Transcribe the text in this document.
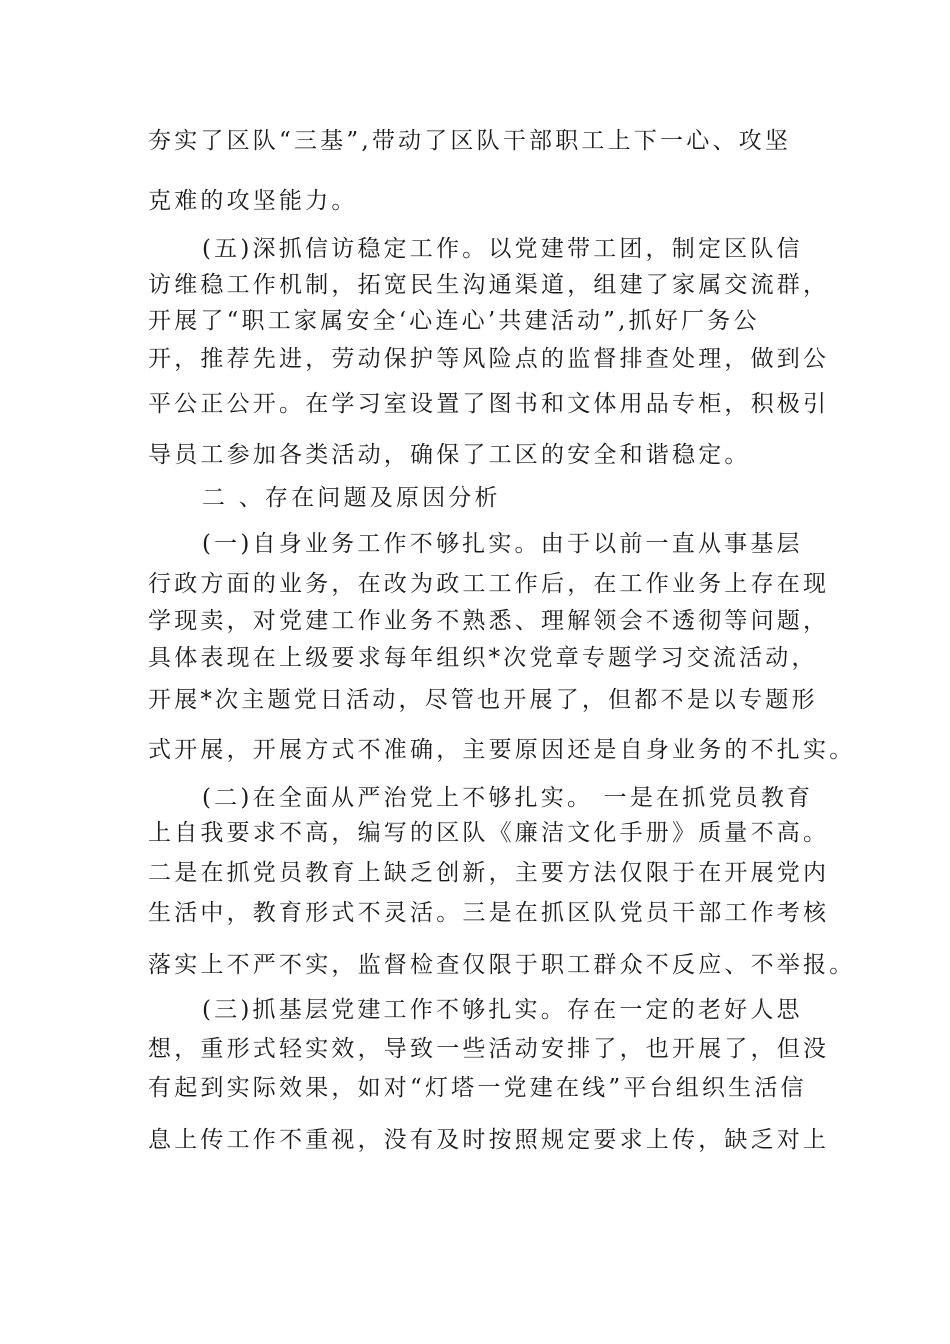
夯实了区队“三基”,带动了区队干部职工上下一心、攻坚
克难的攻坚能力。
(五)深抓信访稳定工作。以党建带工团，制定区队信
访维稳工作机制，拓宽民生沟通渠道，组建了家属交流群，
开展了“职工家属安全‘心连心’共建活动”,抓好厂务公
开，推荐先进，劳动保护等风险点的监督排查处理，做到公
平公正公开。在学习室设置了图书和文体用品专柜，积极引
导员工参加各类活动，确保了工区的安全和谐稳定。
二 、存在问题及原因分析
(一)自身业务工作不够扎实。由于以前一直从事基层
行政方面的业务，在改为政工工作后，在工作业务上存在现
学现卖，对党建工作业务不熟悉、理解领会不透彻等问题，
具体表现在上级要求每年组织*次党章专题学习交流活动，
开展*次主题党日活动，尽管也开展了，但都不是以专题形
式开展，开展方式不准确，主要原因还是自身业务的不扎实。
(二)在全面从严治党上不够扎实。 一是在抓党员教育
上自我要求不高，编写的区队《廉洁文化手册》质量不高。
二是在抓党员教育上缺乏创新，主要方法仅限于在开展党内
生活中，教育形式不灵活。三是在抓区队党员干部工作考核
落实上不严不实，监督检查仅限于职工群众不反应、不举报。
(三)抓基层党建工作不够扎实。存在一定的老好人思
想，重形式轻实效，导致一些活动安排了，也开展了，但没
有起到实际效果，如对“灯塔一党建在线”平台组织生活信
息上传工作不重视，没有及时按照规定要求上传，缺乏对上
